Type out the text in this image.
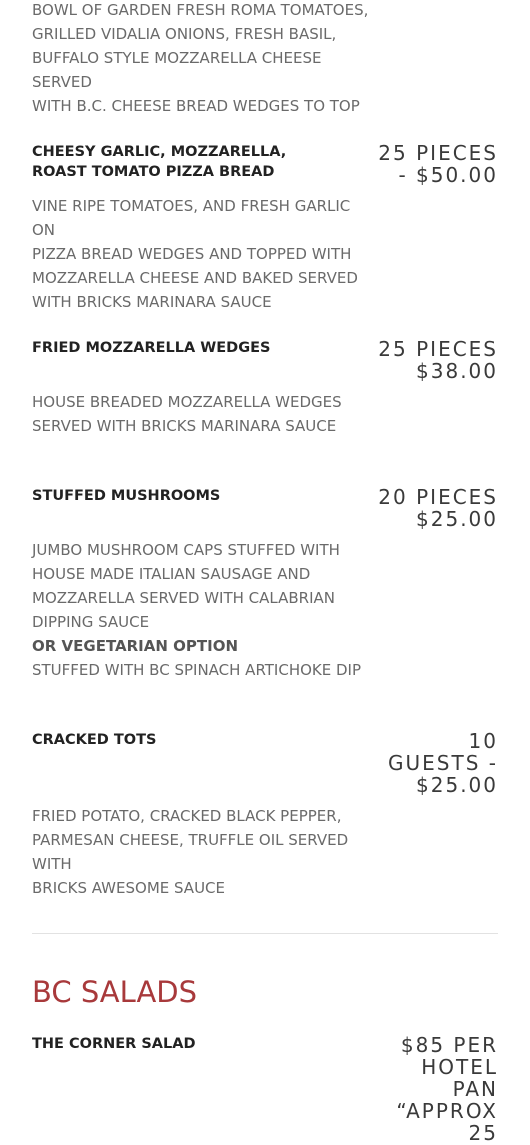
BOWL OF GARDEN FRESH ROMA TOMATOES,
GRILLED VIDALIA ONIONS, FRESH BASIL,
BUFFALO STYLE MOZZARELLA CHEESE SERVED
WITH B.C. CHEESE BREAD WEDGES TO TOP

CHEESY GARLIC, MOZZARELLA, ROAST TOMATO PIZZA BREAD
25 PIECES
- $50.00

VINE RIPE TOMATOES, AND FRESH GARLIC ON
PIZZA BREAD WEDGES AND TOPPED WITH
MOZZARELLA CHEESE AND BAKED SERVED
WITH BRICKS MARINARA SAUCE

FRIED MOZZARELLA WEDGES	25 PIECES
$38.00

HOUSE BREADED MOZZARELLA WEDGES
SERVED WITH BRICKS MARINARA SAUCE

STUFFED MUSHROOMS	20 PIECES
$25.00

JUMBO MUSHROOM CAPS STUFFED WITH
HOUSE MADE ITALIAN SAUSAGE AND
MOZZARELLA SERVED WITH CALABRIAN
DIPPING SAUCE

OR VEGETARIAN OPTION

STUFFED WITH BC SPINACH ARTICHOKE DIP

CRACKED TOTS	10
GUESTS -
$25.00

FRIED POTATO, CRACKED BLACK PEPPER,
PARMESAN CHEESE, TRUFFLE OIL SERVED WITH
BRICKS AWESOME SAUCE

BC SALADS
THE CORNER SALAD	$85 PER
HOTEL
PAN
“APPROX
25
